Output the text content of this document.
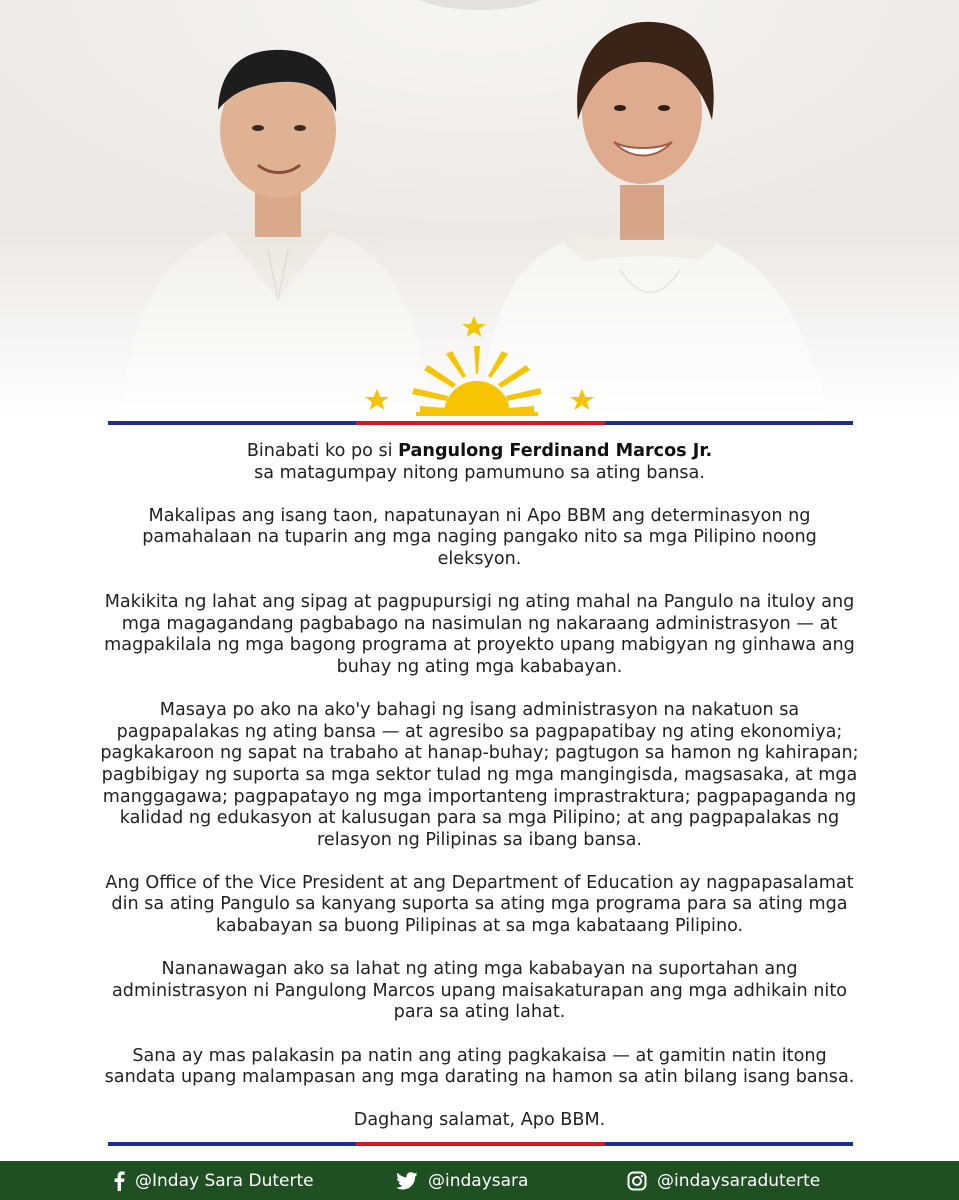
Binabati ko po si Pangulong Ferdinand Marcos Jr.
sa matagumpay nitong pamumuno sa ating bansa.

Makalipas ang isang taon, napatunayan ni Apo BBM ang determinasyon ng pamahalaan na tuparin ang mga naging pangako nito sa mga Pilipino noong eleksyon.

Makikita ng lahat ang sipag at pagpupursigi ng ating mahal na Pangulo na ituloy ang mga magagandang pagbabago na nasimulan ng nakaraang administrasyon — at magpakilala ng mga bagong programa at proyekto upang mabigyan ng ginhawa ang buhay ng ating mga kababayan.

Masaya po ako na ako'y bahagi ng isang administrasyon na nakatuon sa pagpapalakas ng ating bansa — at agresibo sa pagpapatibay ng ating ekonomiya; pagkakaroon ng sapat na trabaho at hanap-buhay; pagtugon sa hamon ng kahirapan; pagbibigay ng suporta sa mga sektor tulad ng mga mangingisda, magsasaka, at mga manggagawa; pagpapatayo ng mga importanteng imprastraktura; pagpapaganda ng kalidad ng edukasyon at kalusugan para sa mga Pilipino; at ang pagpapalakas ng relasyon ng Pilipinas sa ibang bansa.

Ang Office of the Vice President at ang Department of Education ay nagpapasalamat din sa ating Pangulo sa kanyang suporta sa ating mga programa para sa ating mga kababayan sa buong Pilipinas at sa mga kabataang Pilipino.

Nananawagan ako sa lahat ng ating mga kababayan na suportahan ang administrasyon ni Pangulong Marcos upang maisakaturapan ang mga adhikain nito para sa ating lahat.

Sana ay mas palakasin pa natin ang ating pagkakaisa — at gamitin natin itong sandata upang malampasan ang mga darating na hamon sa atin bilang isang bansa.

Daghang salamat, Apo BBM.

@Inday Sara Duterte	@indaysara	@indaysaraduterte
